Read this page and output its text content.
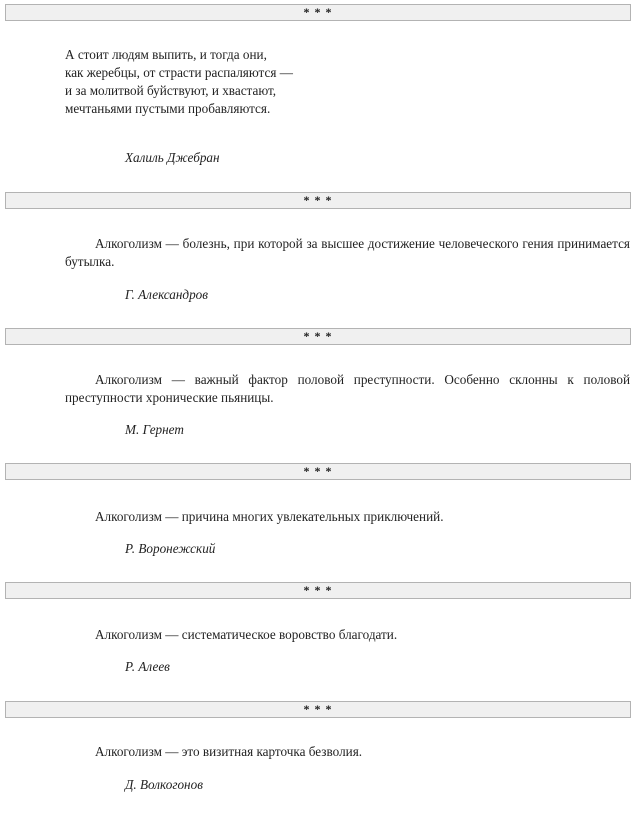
* * *

А стоит людям выпить, и тогда они,
как жеребцы, от страсти распаляются —
и за молитвой буйствуют, и хвастают,
мечтаньями пустыми пробавляются.

Халиль Джебран
* * *

Алкоголизм — болезнь, при которой за высшее достижение человеческого гения принимается бутылка.

Г. Александров
* * *

Алкоголизм — важный фактор половой преступности. Особенно склонны к половой преступности хронические пьяницы.

М. Гернет
* * *

Алкоголизм — причина многих увлекательных приключений.

Р. Воронежский
* * *

Алкоголизм — систематическое воровство благодати.

Р. Алеев
* * *

Алкоголизм — это визитная карточка безволия.

Д. Волкогонов
